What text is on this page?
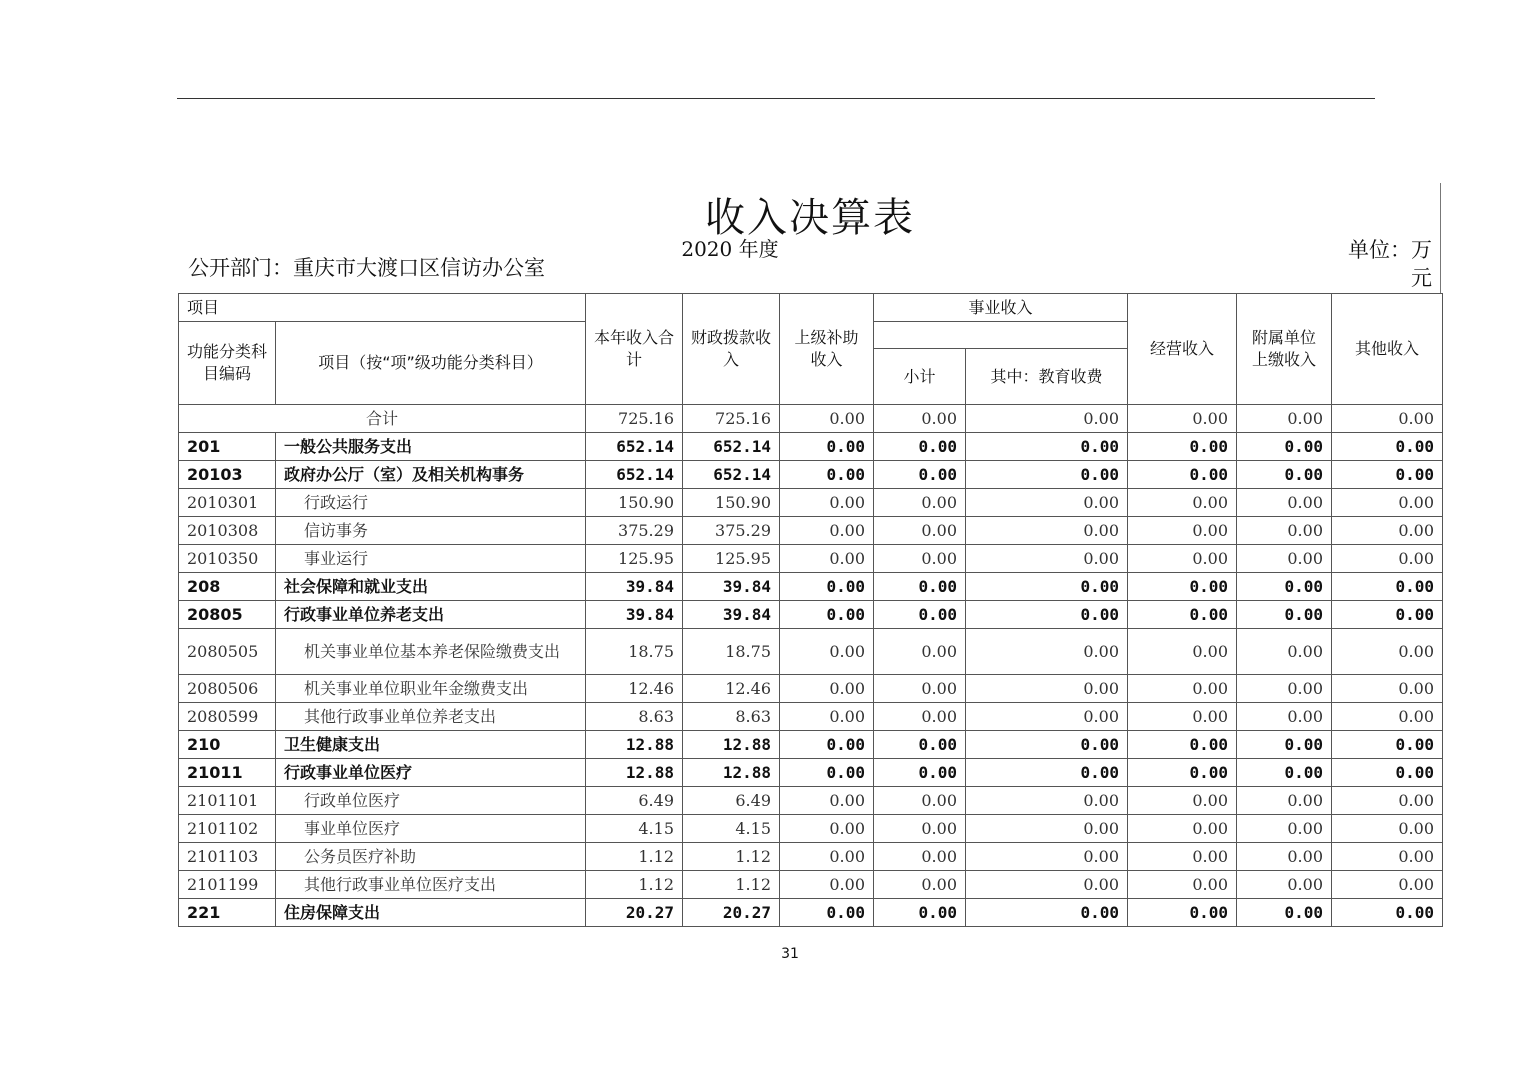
收入决算表
公开部门：重庆市大渡口区信访办公室
2020 年度	单位：万元
项目		本年收入合计	财政拨款收入	上级补助收入	事业收入		经营收入	附属单位上缴收入	其他收入
功能分类科目编码	项目（按“项”级功能分类科目）								
					小计	其中：教育收费			
合计		725.16	725.16	0.00	0.00	0.00	0.00	0.00	0.00
201	一般公共服务支出	652.14	652.14	0.00	0.00	0.00	0.00	0.00	0.00
20103	政府办公厅（室）及相关机构事务	652.14	652.14	0.00	0.00	0.00	0.00	0.00	0.00
2010301	行政运行	150.90	150.90	0.00	0.00	0.00	0.00	0.00	0.00
2010308	信访事务	375.29	375.29	0.00	0.00	0.00	0.00	0.00	0.00
2010350	事业运行	125.95	125.95	0.00	0.00	0.00	0.00	0.00	0.00
208	社会保障和就业支出	39.84	39.84	0.00	0.00	0.00	0.00	0.00	0.00
20805	行政事业单位养老支出	39.84	39.84	0.00	0.00	0.00	0.00	0.00	0.00
2080505	机关事业单位基本养老保险缴费支出	18.75	18.75	0.00	0.00	0.00	0.00	0.00	0.00
2080506	机关事业单位职业年金缴费支出	12.46	12.46	0.00	0.00	0.00	0.00	0.00	0.00
2080599	其他行政事业单位养老支出	8.63	8.63	0.00	0.00	0.00	0.00	0.00	0.00
210	卫生健康支出	12.88	12.88	0.00	0.00	0.00	0.00	0.00	0.00
21011	行政事业单位医疗	12.88	12.88	0.00	0.00	0.00	0.00	0.00	0.00
2101101	行政单位医疗	6.49	6.49	0.00	0.00	0.00	0.00	0.00	0.00
2101102	事业单位医疗	4.15	4.15	0.00	0.00	0.00	0.00	0.00	0.00
2101103	公务员医疗补助	1.12	1.12	0.00	0.00	0.00	0.00	0.00	0.00
2101199	其他行政事业单位医疗支出	1.12	1.12	0.00	0.00	0.00	0.00	0.00	0.00
221	住房保障支出	20.27	20.27	0.00	0.00	0.00	0.00	0.00	0.00
31
